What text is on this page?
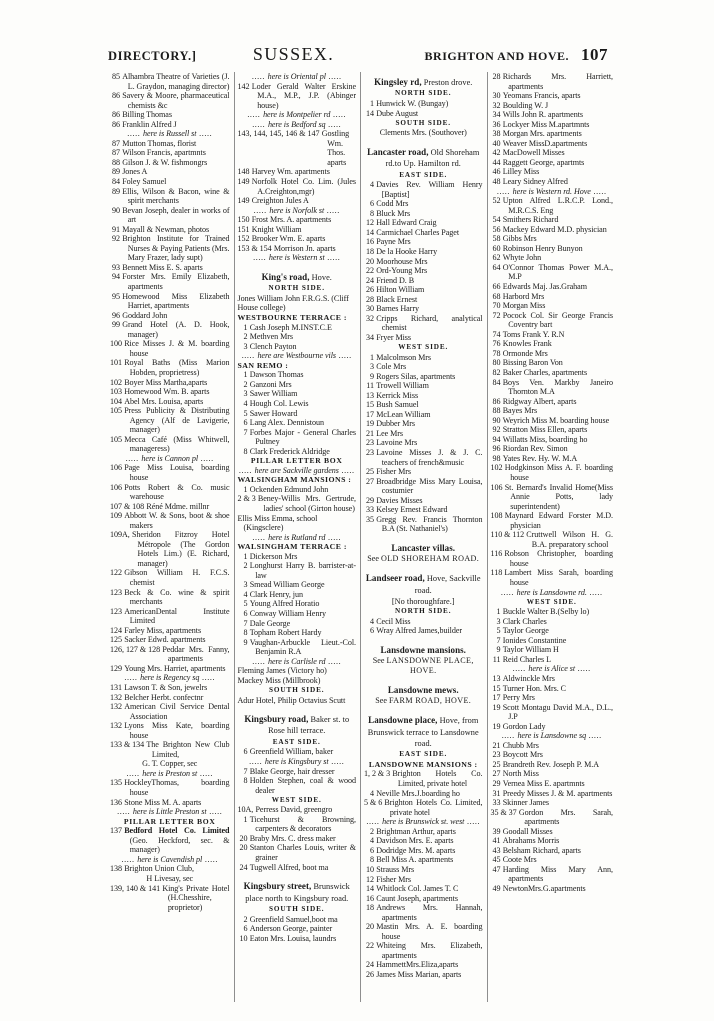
DIRECTORY.]	SUSSEX.	BRIGHTON AND HOVE. 107
85 Alhambra Theatre of Varieties (J. L. Graydon, managing director)
86 Savery & Moore, pharmaceutical chemists &c
86 Billing Thomas
86 Franklin Alfred J
..... here is Russell st .....
87 Mutton Thomas, florist
87 Wilson Francis, apartmnts
88 Gilson J. & W. fishmongrs
89 Jones A
84 Foley Samuel
89 Ellis, Wilson & Bacon, wine & spirit merchants
90 Bevan Joseph, dealer in works of art
91 Mayall & Newman, photos
92 Brighton Institute for Trained Nurses & Paying Patients (Mrs. Mary Frazer, lady supt)
93 Bennett Miss E. S. aparts
94 Forster Mrs. Emily Elizabeth, apartments
95 Homewood Miss Elizabeth Harriet, apartments
96 Goddard John
99 Grand Hotel (A. D. Hook, manager)
100 Rice Misses J. & M. boarding house
101 Royal Baths (Miss Marion Hobden, proprietress)
102 Boyer Miss Martha,aparts
103 Homewood Wm. B. aparts
104 Abel Mrs. Louisa, aparts
105 Press Publicity & Distributing Agency (Alf de Lavigerie, manager)
105 Mecca Café (Miss Whitwell, manageress)
..... here is Cannon pl .....
106 Page Miss Louisa, boarding house
106 Potts Robert & Co. music warehouse
107 & 108 Réné Mdme. millnr
109 Abbott W. & Sons, boot & shoe makers
109A, Sheridon Fitzroy Hotel Métropole (The Gordon Hotels Lim.) (E. Richard, manager)
122 Gibson William H. F.C.S. chemist
123 Beck & Co. wine & spirit merchants
123 AmericanDental Institute Limited
124 Farley Miss, apartments
125 Sacker Edwd. apartments
126, 127 & 128 Peddar Mrs. Fanny, apartments
129 Young Mrs. Harriet, apartments
..... here is Regency sq .....
131 Lawson T. & Son, jewelrs
132 Belcher Herbt. confectnr
132 American Civil Service Dental Association
132 Lyons Miss Kate, boarding house
133 & 134 The Brighton New Club Limited,
G. T. Copper, sec
..... here is Preston st .....
135 HockleyThomas, boarding house
136 Stone Miss M. A. aparts
..... here is Little Preston st .....
PILLAR LETTER BOX
137 Bedford Hotel Co. Limited (Geo. Heckford, sec. & manager)
..... here is Cavendish pl .....
138 Brighton Union Club,
H Livesay, sec
139, 140 & 141 King's Private Hotel (H.Chesshire, proprietor)
..... here is Oriental pl .....
142 Loder Gerald Walter Erskine M.A., M.P., J.P. (Abinger house)
..... here is Montpelier rd .....
..... here is Bedford sq .....
143, 144, 145, 146 & 147 Gostling Wm. Thos. aparts
148 Harvey Wm. apartments
149 Norfolk Hotel Co. Lim. (Jules A.Creighton,mgr)
149 Creighton Jules A
..... here is Norfolk st .....
150 Frost Mrs. A. apartments
151 Knight William
152 Brooker Wm. E. aparts
153 & 154 Morrison Jn. aparts
..... here is Western st .....
King's road, Hove.
NORTH SIDE.
Jones William John F.R.G.S. (Cliff House college)
WESTBOURNE TERRACE :
1 Cash Joseph M.INST.C.E
2 Methven Mrs
3 Clench Payton
..... here are Westbourne vils .....
SAN REMO :
1 Dawson Thomas
2 Ganzoni Mrs
3 Sawer William
4 Hough Col. Lewis
5 Sawer Howard
6 Lang Alex. Dennistoun
7 Forbes Major - General Charles Pultney
8 Clark Frederick Aldridge
PILLAR LETTER BOX
..... here are Sackville gardens .....
WALSINGHAM MANSIONS :
1 Ockenden Edmund John
2 & 3 Beney-Willis Mrs. Gertrude, ladies' school (Girton house)
Ellis Miss Emma, school (Kingsclere)
..... here is Rutland rd .....
WALSINGHAM TERRACE :
1 Dickerson Mrs
2 Longhurst Harry B. barrister-at-law
3 Smead William George
4 Clark Henry, jun
5 Young Alfred Horatio
6 Conway William Henry
7 Dale George
8 Topham Robert Hardy
9 Vaughan-Arbuckle Lieut.-Col. Benjamin R.A
..... here is Carlisle rd .....
Fleming James (Victory ho)
Mackey Miss (Millbrook)
SOUTH SIDE.
Adur Hotel, Philip Octavius Scutt
Kingsbury road, Baker st. to Rose hill terrace.
EAST SIDE.
6 Greenfield William, baker
..... here is Kingsbury st .....
7 Blake George, hair dresser
8 Holden Stephen, coal & wood dealer
WEST SIDE.
10A, Perress David, greengro
1 Ticehurst & Browning, carpenters & decorators
20 Braby Mrs. C. dress maker
20 Stanton Charles Louis, writer & grainer
24 Tugwell Alfred, boot ma
Kingsbury street, Brunswick place north to Kingsbury road.
SOUTH SIDE.
2 Greenfield Samuel,boot ma
6 Anderson George, painter
10 Eaton Mrs. Louisa, laundrs
Kingsley rd, Preston drove.
NORTH SIDE.
1 Hunwick W. (Bungay)
14 Dube August
SOUTH SIDE.
Clements Mrs. (Southover)
Lancaster road, Old Shoreham rd.to Up. Hamilton rd.
EAST SIDE.
4 Davies Rev. William Henry [Baptist]
6 Codd Mrs
8 Bluck Mrs
12 Hall Edward Craig
14 Carmichael Charles Paget
16 Payne Mrs
18 De la Hooke Harry
20 Moorhouse Mrs
22 Ord-Young Mrs
24 Friend D. B
26 Hilton William
28 Black Ernest
30 Barnes Harry
32 Cripps Richard, analytical chemist
34 Fryer Miss
WEST SIDE.
1 Malcolmson Mrs
3 Cole Mrs
9 Rogers Silas, apartments
11 Trowell William
13 Kerrick Miss
15 Bush Samuel
17 McLean William
19 Dubber Mrs
21 Lee Mrs
23 Lavoine Mrs
23 Lavoine Misses J. & J. C. teachers of french&music
25 Fisher Mrs
27 Broadbridge Miss Mary Louisa, costumier
29 Davies Misses
33 Kelsey Ernest Edward
35 Gregg Rev. Francis Thornton B.A (St. Nathaniel's)
Lancaster villas.
See OLD SHOREHAM ROAD.
Landseer road, Hove, Sackville road.
[No thoroughfare.]
NORTH SIDE.
4 Cecil Miss
6 Wray Alfred James,builder
Lansdowne mansions.
See LANSDOWNE PLACE, HOVE.
Lansdowne mews.
See FARM ROAD, HOVE.
Lansdowne place, Hove, from Brunswick terrace to Lansdowne road.
EAST SIDE.
LANSDOWNE MANSIONS :
1, 2 & 3 Brighton Hotels Co. Limited, private hotel
4 Neville Mrs.J.boarding ho
5 & 6 Brighton Hotels Co. Limited, private hotel
..... here is Brunswick st. west .....
2 Brightman Arthur, aparts
4 Davidson Mrs. E. aparts
6 Dodridge Mrs. M. aparts
8 Bell Miss A. apartments
10 Strauss Mrs
12 Fisher Mrs
14 Whitlock Col. James T. C
16 Caunt Joseph, apartments
18 Andrews Mrs. Hannah, apartments
20 Mastin Mrs. A. E. boarding house
22 Whiteing Mrs. Elizabeth, apartments
24 HammettMrs.Eliza,aparts
26 James Miss Marian, aparts
28 Richards Mrs. Harriett, apartments
30 Yeomans Francis, aparts
32 Boulding W. J
34 Wills John R. apartments
36 Lockyer Miss M.apartmnts
38 Morgan Mrs. apartments
40 Weaver MissD.apartments
42 MacDowell Misses
44 Raggett George, apartmts
46 Lilley Miss
48 Leary Sidney Alfred
..... here is Western rd. Hove .....
52 Upton Alfred L.R.C.P. Lond., M.R.C.S. Eng
54 Smithers Richard
56 Mackey Edward M.D. physician
58 Gibbs Mrs
60 Robinson Henry Bunyon
62 Whyte John
64 O'Connor Thomas Power M.A., M.P
66 Edwards Maj. Jas.Graham
68 Harbord Mrs
70 Morgan Miss
72 Pocock Col. Sir George Francis Coventry bart
74 Toms Frank Y. R.N
76 Knowles Frank
78 Ormonde Mrs
80 Bissing Baron Von
82 Baker Charles, apartments
84 Boys Ven. Markby Janeiro Thornton M.A
86 Ridgway Albert, aparts
88 Bayes Mrs
90 Weyrich Miss M. boarding house
92 Stratton Miss Ellen, aparts
94 Willatts Miss, boarding ho
96 Riordan Rev. Simon
98 Yates Rev. Hy. W. M.A
102 Hodgkinson Miss A. F. boarding house
106 St. Bernard's Invalid Home(Miss Annie Potts, lady superintendent)
108 Maynard Edward Forster M.D. physician
110 & 112 Cruttwell Wilson H. G. B.A. preparatory school
116 Robson Christopher, boarding house
118 Lambert Miss Sarah, boarding house
..... here is Lansdowne rd. .....
WEST SIDE.
1 Buckle Walter B.(Selby lo)
3 Clark Charles
5 Taylor George
7 Ionides Constantine
9 Taylor William H
11 Reid Charles L
..... here is Alice st .....
13 Aldwinckle Mrs
15 Turner Hon. Mrs. C
17 Perry Mrs
19 Scott Montagu David M.A., D.L., J.P
19 Gordon Lady
..... here is Lansdowne sq .....
21 Chubb Mrs
23 Boycott Mrs
25 Brandreth Rev. Joseph P. M.A
27 North Miss
29 Vernea Miss E. apartmnts
31 Preedy Misses J. & M. apartments
33 Skinner James
35 & 37 Gordon Mrs. Sarah, apartments
39 Goodall Misses
41 Abrahams Morris
43 Belsham Richard, aparts
45 Coote Mrs
47 Harding Miss Mary Ann, apartments
49 NewtonMrs.G.apartments
